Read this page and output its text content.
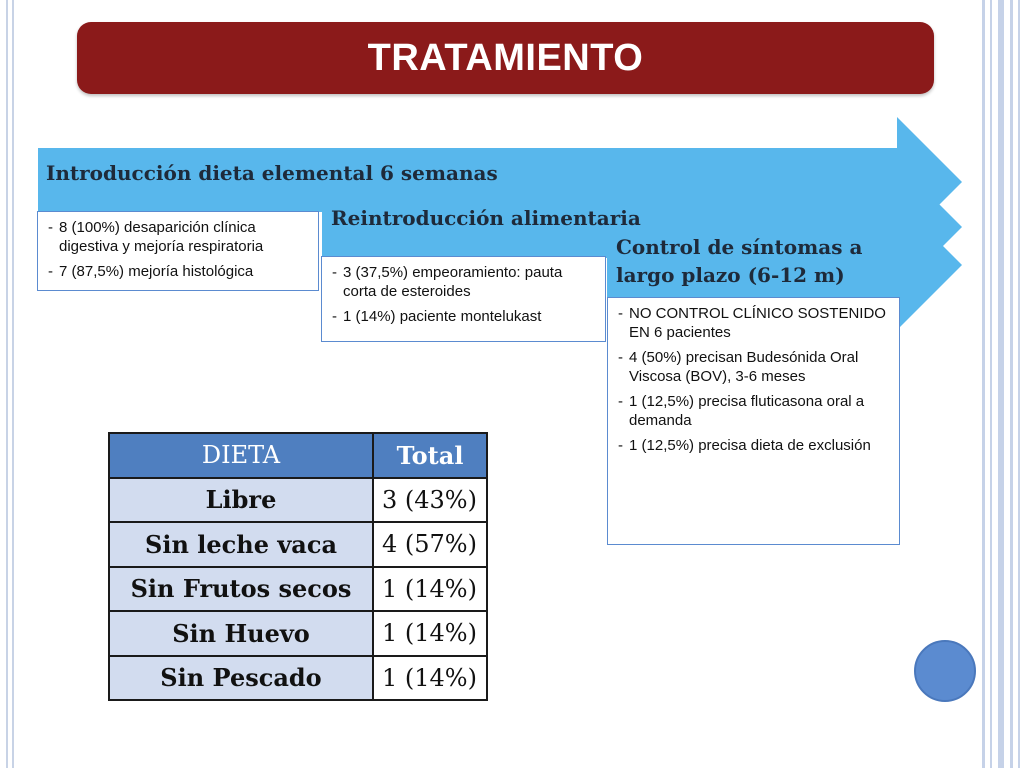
TRATAMIENTO
Introducción dieta elemental 6 semanas
- 8 (100%) desaparición clínica digestiva y mejoría respiratoria
- 7 (87,5%) mejoría histológica
Reintroducción alimentaria
- 3 (37,5%) empeoramiento: pauta corta de esteroides
- 1 (14%) paciente montelukast
Control de síntomas a largo plazo (6-12 m)
- NO CONTROL CLÍNICO SOSTENIDO EN 6 pacientes
- 4 (50%) precisan Budesónida Oral Viscosa (BOV), 3-6 meses
- 1 (12,5%) precisa fluticasona oral a demanda
- 1 (12,5%) precisa dieta de exclusión
DIETA	Total
Libre	3 (43%)
Sin leche vaca	4 (57%)
Sin Frutos secos	1 (14%)
Sin Huevo	1 (14%)
Sin Pescado	1 (14%)
